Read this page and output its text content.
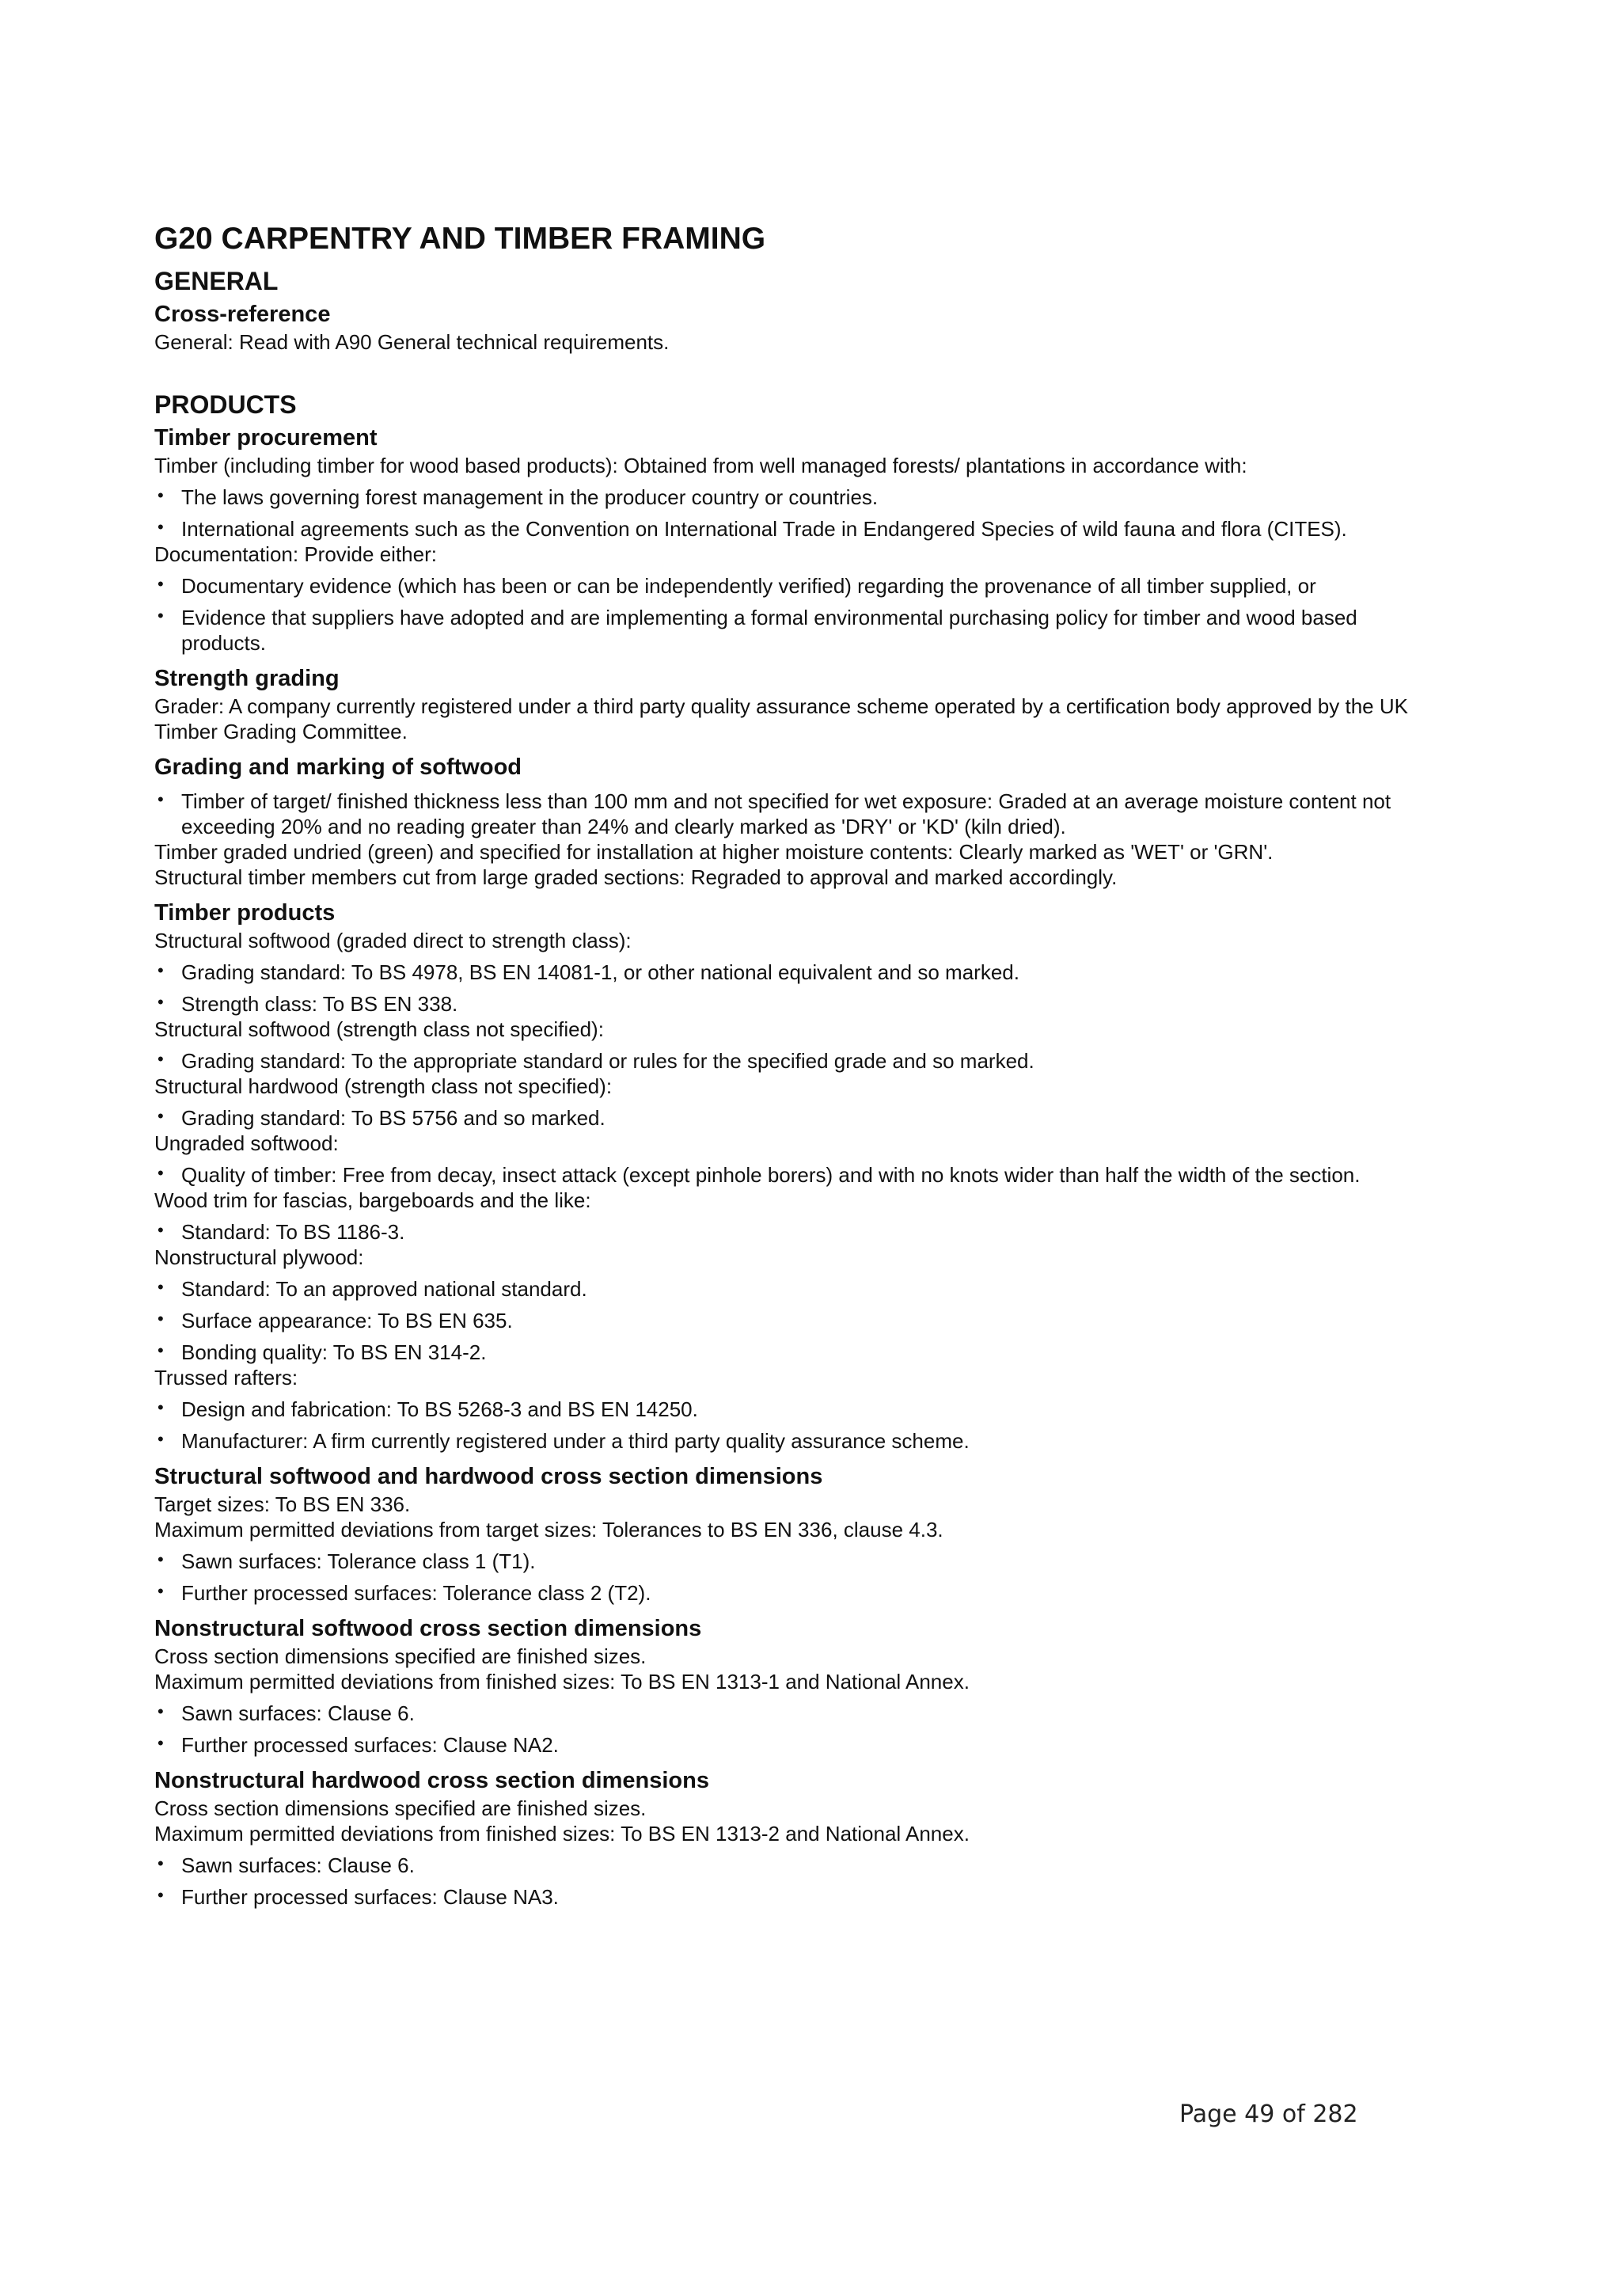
G20 CARPENTRY AND TIMBER FRAMING
GENERAL
Cross-reference

General: Read with A90 General technical requirements.

PRODUCTS
Timber procurement

Timber (including timber for wood based products): Obtained from well managed forests/ plantations in accordance with:

• The laws governing forest management in the producer country or countries.
• International agreements such as the Convention on International Trade in Endangered Species of wild fauna and flora (CITES).

Documentation: Provide either:

• Documentary evidence (which has been or can be independently verified) regarding the provenance of all timber supplied, or
• Evidence that suppliers have adopted and are implementing a formal environmental purchasing policy for timber and wood based products.
Strength grading

Grader: A company currently registered under a third party quality assurance scheme operated by a certification body approved by the UK Timber Grading Committee.

Grading and marking of softwood
• Timber of target/ finished thickness less than 100 mm and not specified for wet exposure: Graded at an average moisture content not exceeding 20% and no reading greater than 24% and clearly marked as 'DRY' or 'KD' (kiln dried).

Timber graded undried (green) and specified for installation at higher moisture contents: Clearly marked as 'WET' or 'GRN'.

Structural timber members cut from large graded sections: Regraded to approval and marked accordingly.

Timber products

Structural softwood (graded direct to strength class):

• Grading standard: To BS 4978, BS EN 14081-1, or other national equivalent and so marked.
• Strength class: To BS EN 338.

Structural softwood (strength class not specified):

• Grading standard: To the appropriate standard or rules for the specified grade and so marked.

Structural hardwood (strength class not specified):

• Grading standard: To BS 5756 and so marked.

Ungraded softwood:

• Quality of timber: Free from decay, insect attack (except pinhole borers) and with no knots wider than half the width of the section.

Wood trim for fascias, bargeboards and the like:

• Standard: To BS 1186-3.

Nonstructural plywood:

• Standard: To an approved national standard.
• Surface appearance: To BS EN 635.
• Bonding quality: To BS EN 314-2.

Trussed rafters:

• Design and fabrication: To BS 5268-3 and BS EN 14250.
• Manufacturer: A firm currently registered under a third party quality assurance scheme.
Structural softwood and hardwood cross section dimensions

Target sizes: To BS EN 336.

Maximum permitted deviations from target sizes: Tolerances to BS EN 336, clause 4.3.

• Sawn surfaces: Tolerance class 1 (T1).
• Further processed surfaces: Tolerance class 2 (T2).
Nonstructural softwood cross section dimensions

Cross section dimensions specified are finished sizes.

Maximum permitted deviations from finished sizes: To BS EN 1313-1 and National Annex.

• Sawn surfaces: Clause 6.
• Further processed surfaces: Clause NA2.
Nonstructural hardwood cross section dimensions

Cross section dimensions specified are finished sizes.

Maximum permitted deviations from finished sizes: To BS EN 1313-2 and National Annex.

• Sawn surfaces: Clause 6.
• Further processed surfaces: Clause NA3.
Page 49 of 282
